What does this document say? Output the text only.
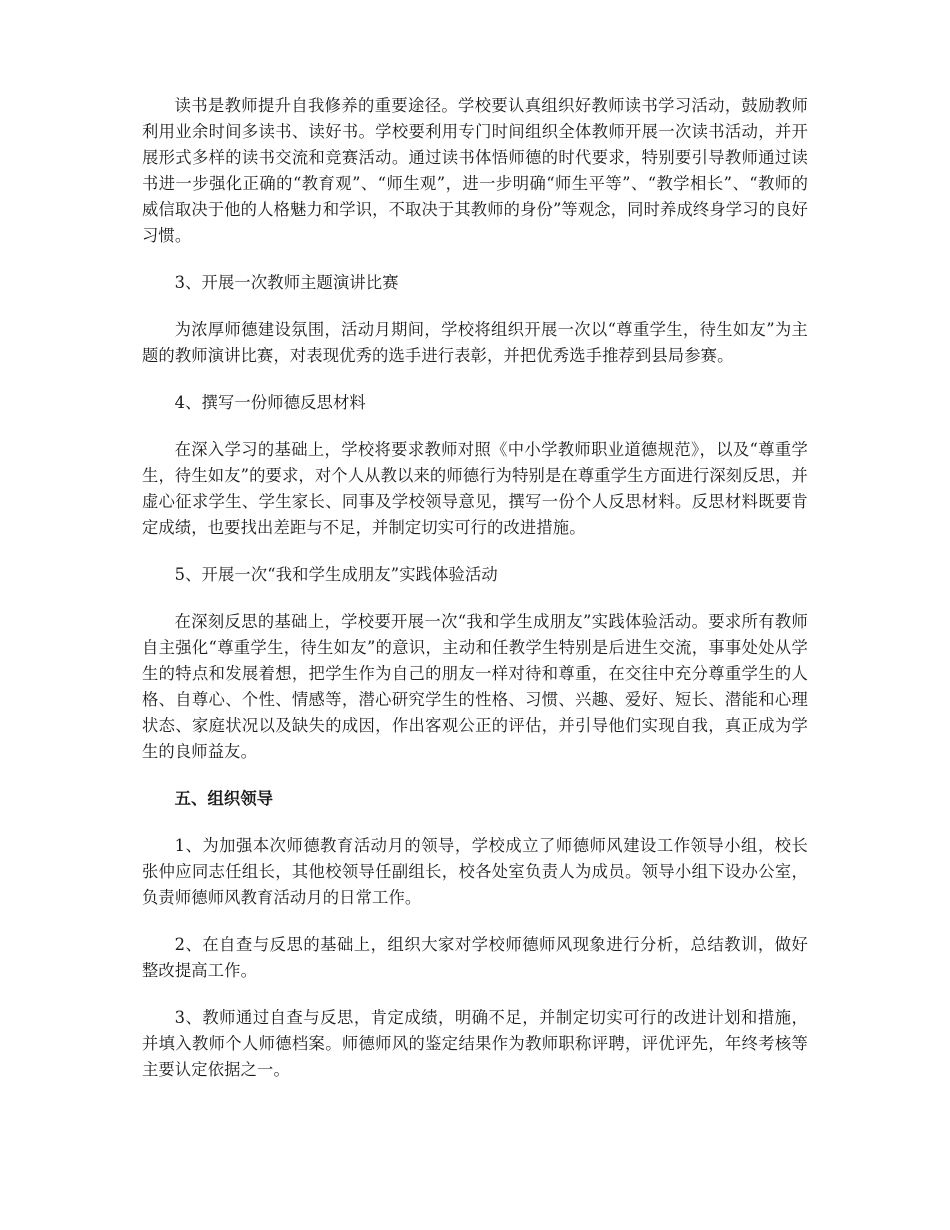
读书是教师提升自我修养的重要途径。学校要认真组织好教师读书学习活动，鼓励教师利用业余时间多读书、读好书。学校要利用专门时间组织全体教师开展一次读书活动，并开展形式多样的读书交流和竞赛活动。通过读书体悟师德的时代要求，特别要引导教师通过读书进一步强化正确的“教育观”、“师生观”，进一步明确“师生平等”、“教学相长”、“教师的威信取决于他的人格魅力和学识，不取决于其教师的身份”等观念，同时养成终身学习的良好习惯。

3、开展一次教师主题演讲比赛

为浓厚师德建设氛围，活动月期间，学校将组织开展一次以“尊重学生，待生如友”为主题的教师演讲比赛，对表现优秀的选手进行表彰，并把优秀选手推荐到县局参赛。

4、撰写一份师德反思材料

在深入学习的基础上，学校将要求教师对照《中小学教师职业道德规范》，以及“尊重学生，待生如友”的要求，对个人从教以来的师德行为特别是在尊重学生方面进行深刻反思，并虚心征求学生、学生家长、同事及学校领导意见，撰写一份个人反思材料。反思材料既要肯定成绩，也要找出差距与不足，并制定切实可行的改进措施。

5、开展一次“我和学生成朋友”实践体验活动

在深刻反思的基础上，学校要开展一次“我和学生成朋友”实践体验活动。要求所有教师自主强化“尊重学生，待生如友”的意识，主动和任教学生特别是后进生交流，事事处处从学生的特点和发展着想，把学生作为自己的朋友一样对待和尊重，在交往中充分尊重学生的人格、自尊心、个性、情感等，潜心研究学生的性格、习惯、兴趣、爱好、短长、潜能和心理状态、家庭状况以及缺失的成因，作出客观公正的评估，并引导他们实现自我，真正成为学生的良师益友。

五、组织领导

1、为加强本次师德教育活动月的领导，学校成立了师德师风建设工作领导小组，校长张仲应同志任组长，其他校领导任副组长，校各处室负责人为成员。领导小组下设办公室，负责师德师风教育活动月的日常工作。

2、在自查与反思的基础上，组织大家对学校师德师风现象进行分析，总结教训，做好整改提高工作。

3、教师通过自查与反思，肯定成绩，明确不足，并制定切实可行的改进计划和措施，并填入教师个人师德档案。师德师风的鉴定结果作为教师职称评聘，评优评先，年终考核等主要认定依据之一。
